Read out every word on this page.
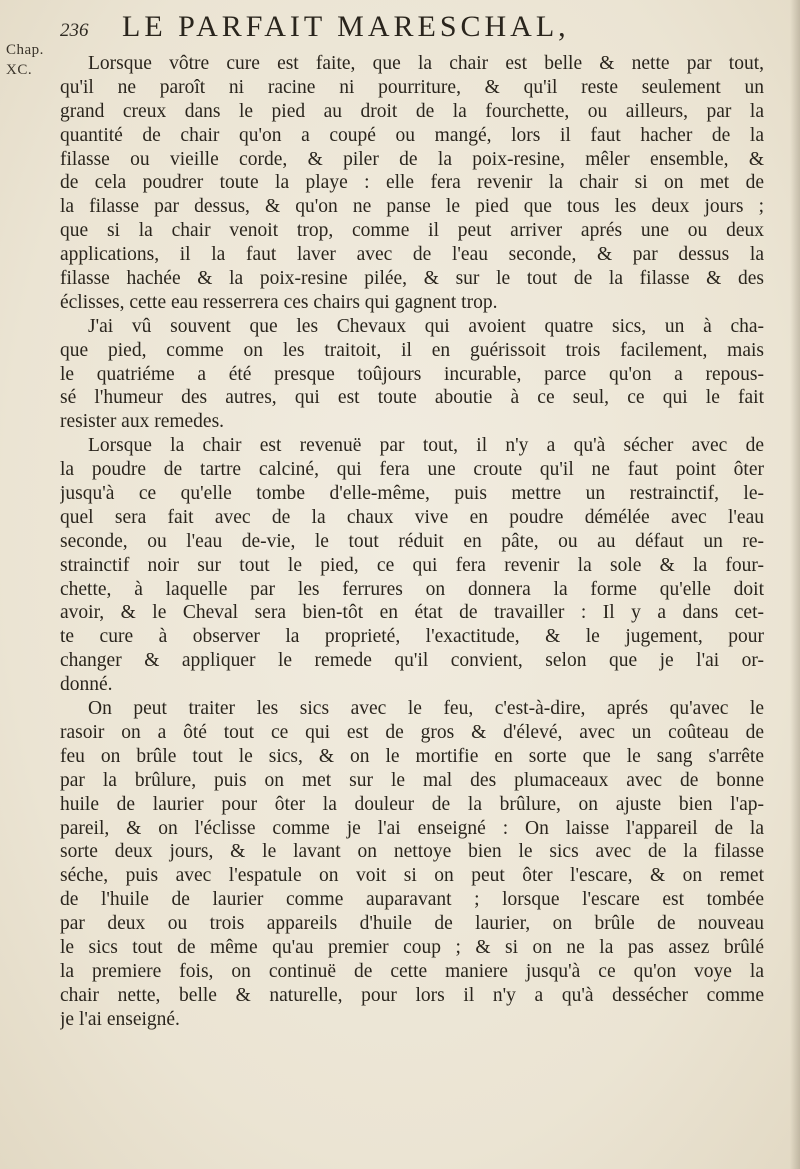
Chap.
XC.
236 LE PARFAIT MARESCHAL,
Lorsque vôtre cure est faite, que la chair est belle & nette par tout,
qu'il ne paroît ni racine ni pourriture, & qu'il reste seulement un
grand creux dans le pied au droit de la fourchette, ou ailleurs, par la
quantité de chair qu'on a coupé ou mangé, lors il faut hacher de la
filasse ou vieille corde, & piler de la poix-resine, mêler ensemble, &
de cela poudrer toute la playe : elle fera revenir la chair si on met de
la filasse par dessus, & qu'on ne panse le pied que tous les deux jours ;
que si la chair venoit trop, comme il peut arriver aprés une ou deux
applications, il la faut laver avec de l'eau seconde, & par dessus la
filasse hachée & la poix-resine pilée, & sur le tout de la filasse & des
éclisses, cette eau resserrera ces chairs qui gagnent trop.
J'ai vû souvent que les Chevaux qui avoient quatre sics, un à cha-
que pied, comme on les traitoit, il en guérissoit trois facilement, mais
le quatriéme a été presque toûjours incurable, parce qu'on a repous-
sé l'humeur des autres, qui est toute aboutie à ce seul, ce qui le fait
resister aux remedes.
Lorsque la chair est revenuë par tout, il n'y a qu'à sécher avec de
la poudre de tartre calciné, qui fera une croute qu'il ne faut point ôter
jusqu'à ce qu'elle tombe d'elle-même, puis mettre un restrainctif, le-
quel sera fait avec de la chaux vive en poudre démélée avec l'eau
seconde, ou l'eau de-vie, le tout réduit en pâte, ou au défaut un re-
strainctif noir sur tout le pied, ce qui fera revenir la sole & la four-
chette, à laquelle par les ferrures on donnera la forme qu'elle doit
avoir, & le Cheval sera bien-tôt en état de travailler : Il y a dans cet-
te cure à observer la proprieté, l'exactitude, & le jugement, pour
changer & appliquer le remede qu'il convient, selon que je l'ai or-
donné.
On peut traiter les sics avec le feu, c'est-à-dire, aprés qu'avec le
rasoir on a ôté tout ce qui est de gros & d'élevé, avec un coûteau de
feu on brûle tout le sics, & on le mortifie en sorte que le sang s'arrête
par la brûlure, puis on met sur le mal des plumaceaux avec de bonne
huile de laurier pour ôter la douleur de la brûlure, on ajuste bien l'ap-
pareil, & on l'éclisse comme je l'ai enseigné : On laisse l'appareil de la
sorte deux jours, & le lavant on nettoye bien le sics avec de la filasse
séche, puis avec l'espatule on voit si on peut ôter l'escare, & on remet
de l'huile de laurier comme auparavant ; lorsque l'escare est tombée
par deux ou trois appareils d'huile de laurier, on brûle de nouveau
le sics tout de même qu'au premier coup ; & si on ne la pas assez brûlé
la premiere fois, on continuë de cette maniere jusqu'à ce qu'on voye la
chair nette, belle & naturelle, pour lors il n'y a qu'à dessécher comme
je l'ai enseigné.
